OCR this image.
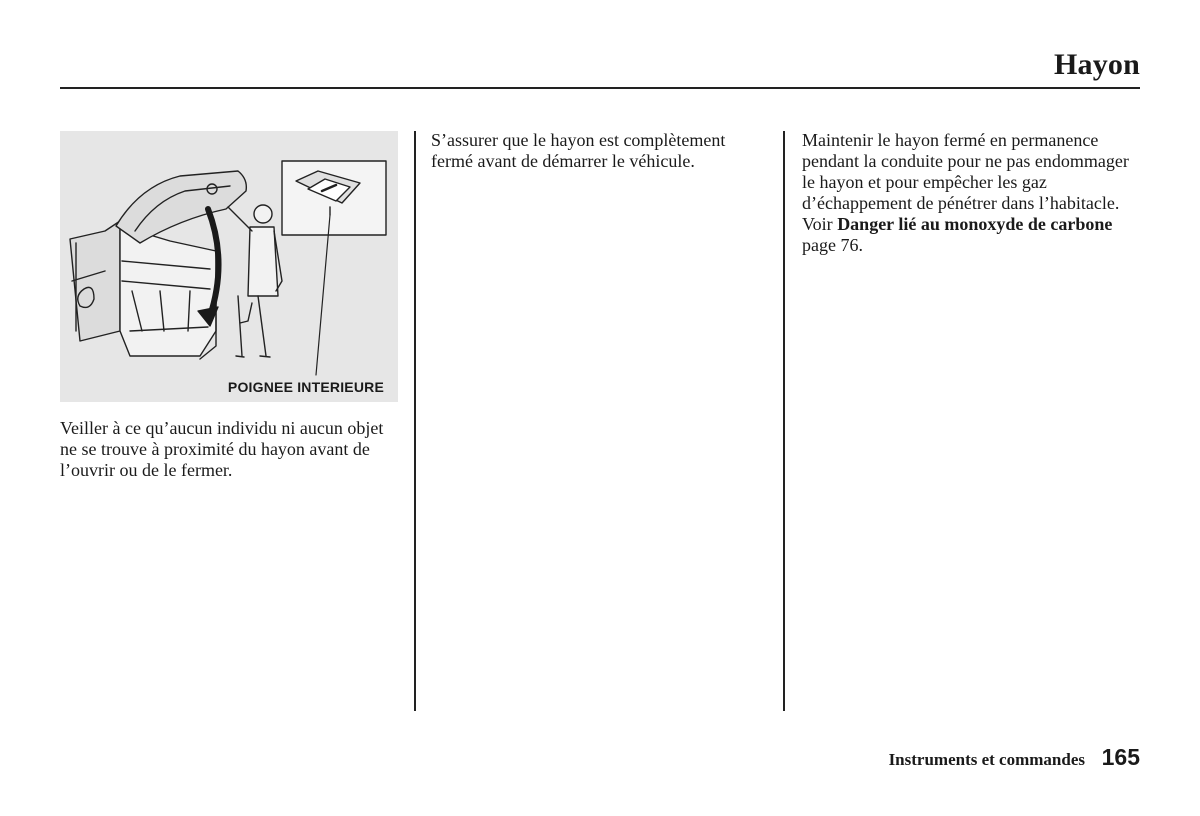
Hayon
POIGNEE INTERIEURE
Veiller à ce qu’aucun individu ni aucun objet ne se trouve à proximité du hayon avant de l’ouvrir ou de le fermer.
S’assurer que le hayon est complètement fermé avant de démarrer le véhicule.
Maintenir le hayon fermé en permanence pendant la conduite pour ne pas endommager le hayon et pour empêcher les gaz d’échappement de pénétrer dans l’habitacle. Voir Danger lié au monoxyde de carbone page 76.
Instruments et commandes 165
